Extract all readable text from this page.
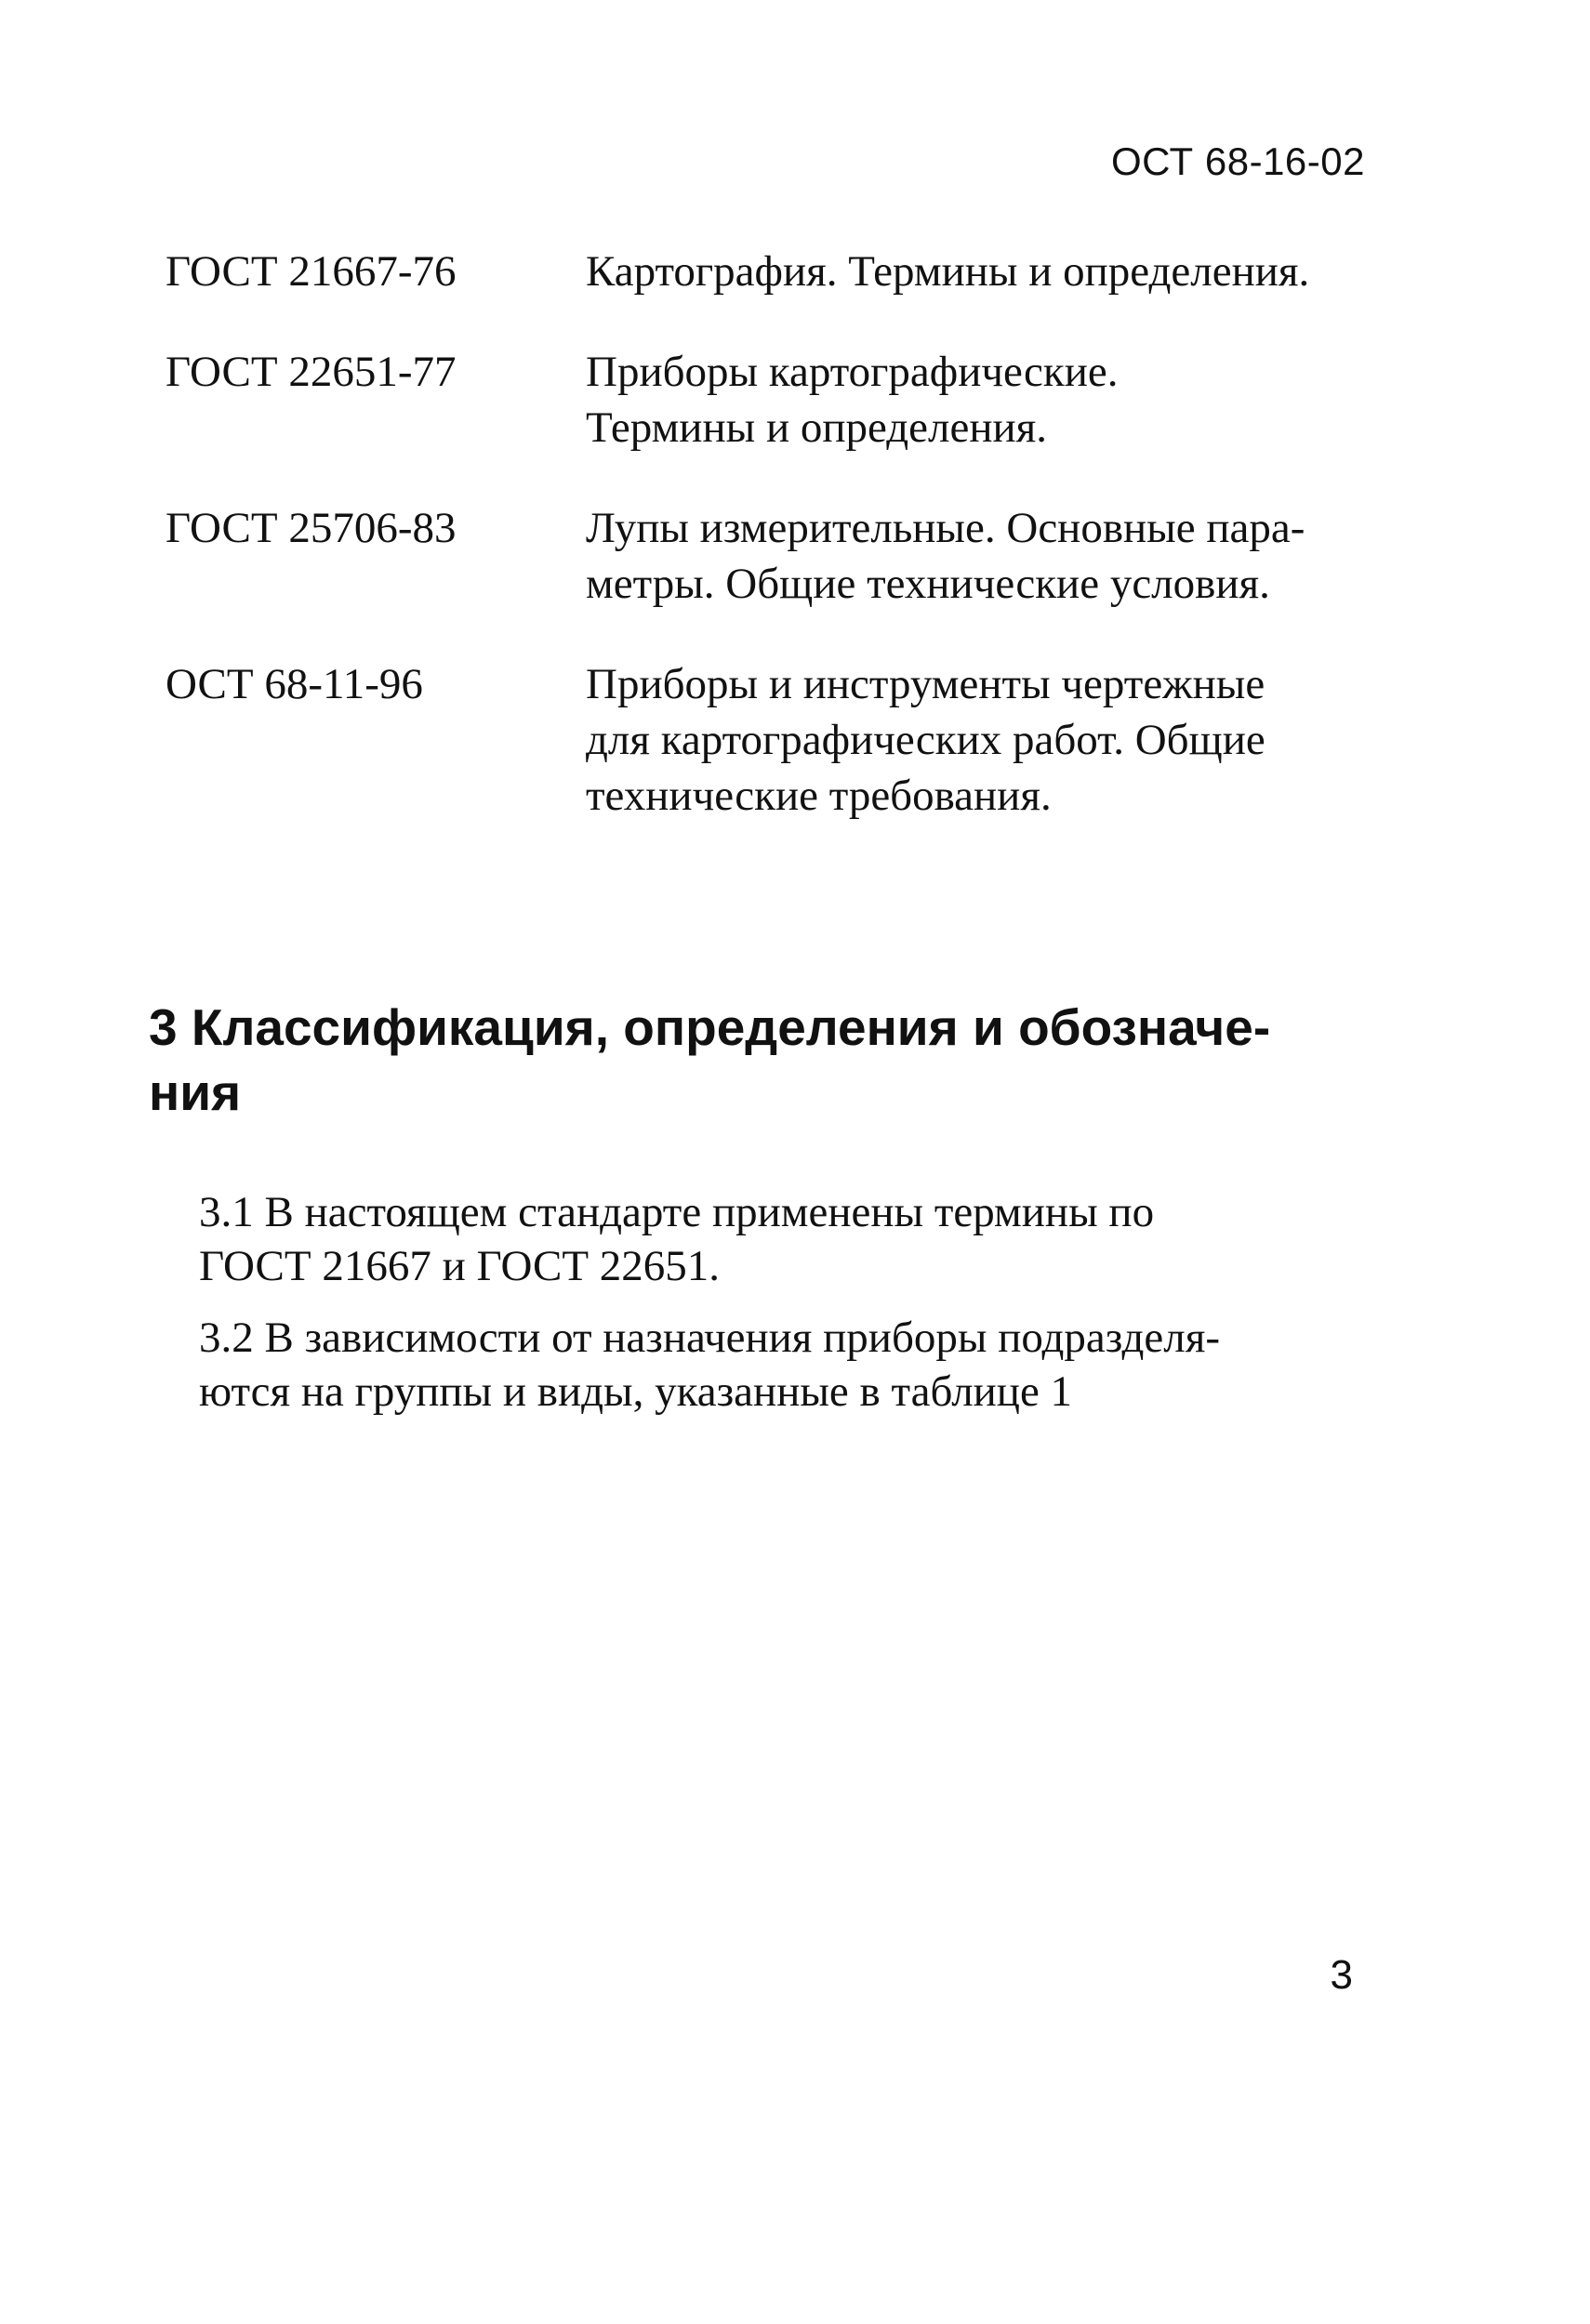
ОСТ 68-16-02
ГОСТ 21667-76	Картография. Термины и определения.
ГОСТ 22651-77	Приборы картографические.
Термины и определения.
ГОСТ 25706-83	Лупы измерительные. Основные пара-
метры. Общие технические условия.
ОСТ 68-11-96	Приборы и инструменты чертежные
для картографических работ. Общие
технические требования.
3 Классификация, определения и обозначе-
ния
3.1 В настоящем стандарте применены термины по
ГОСТ 21667 и ГОСТ 22651.
3.2 В зависимости от назначения приборы подразделя-
ются на группы и виды, указанные в таблице 1
3
